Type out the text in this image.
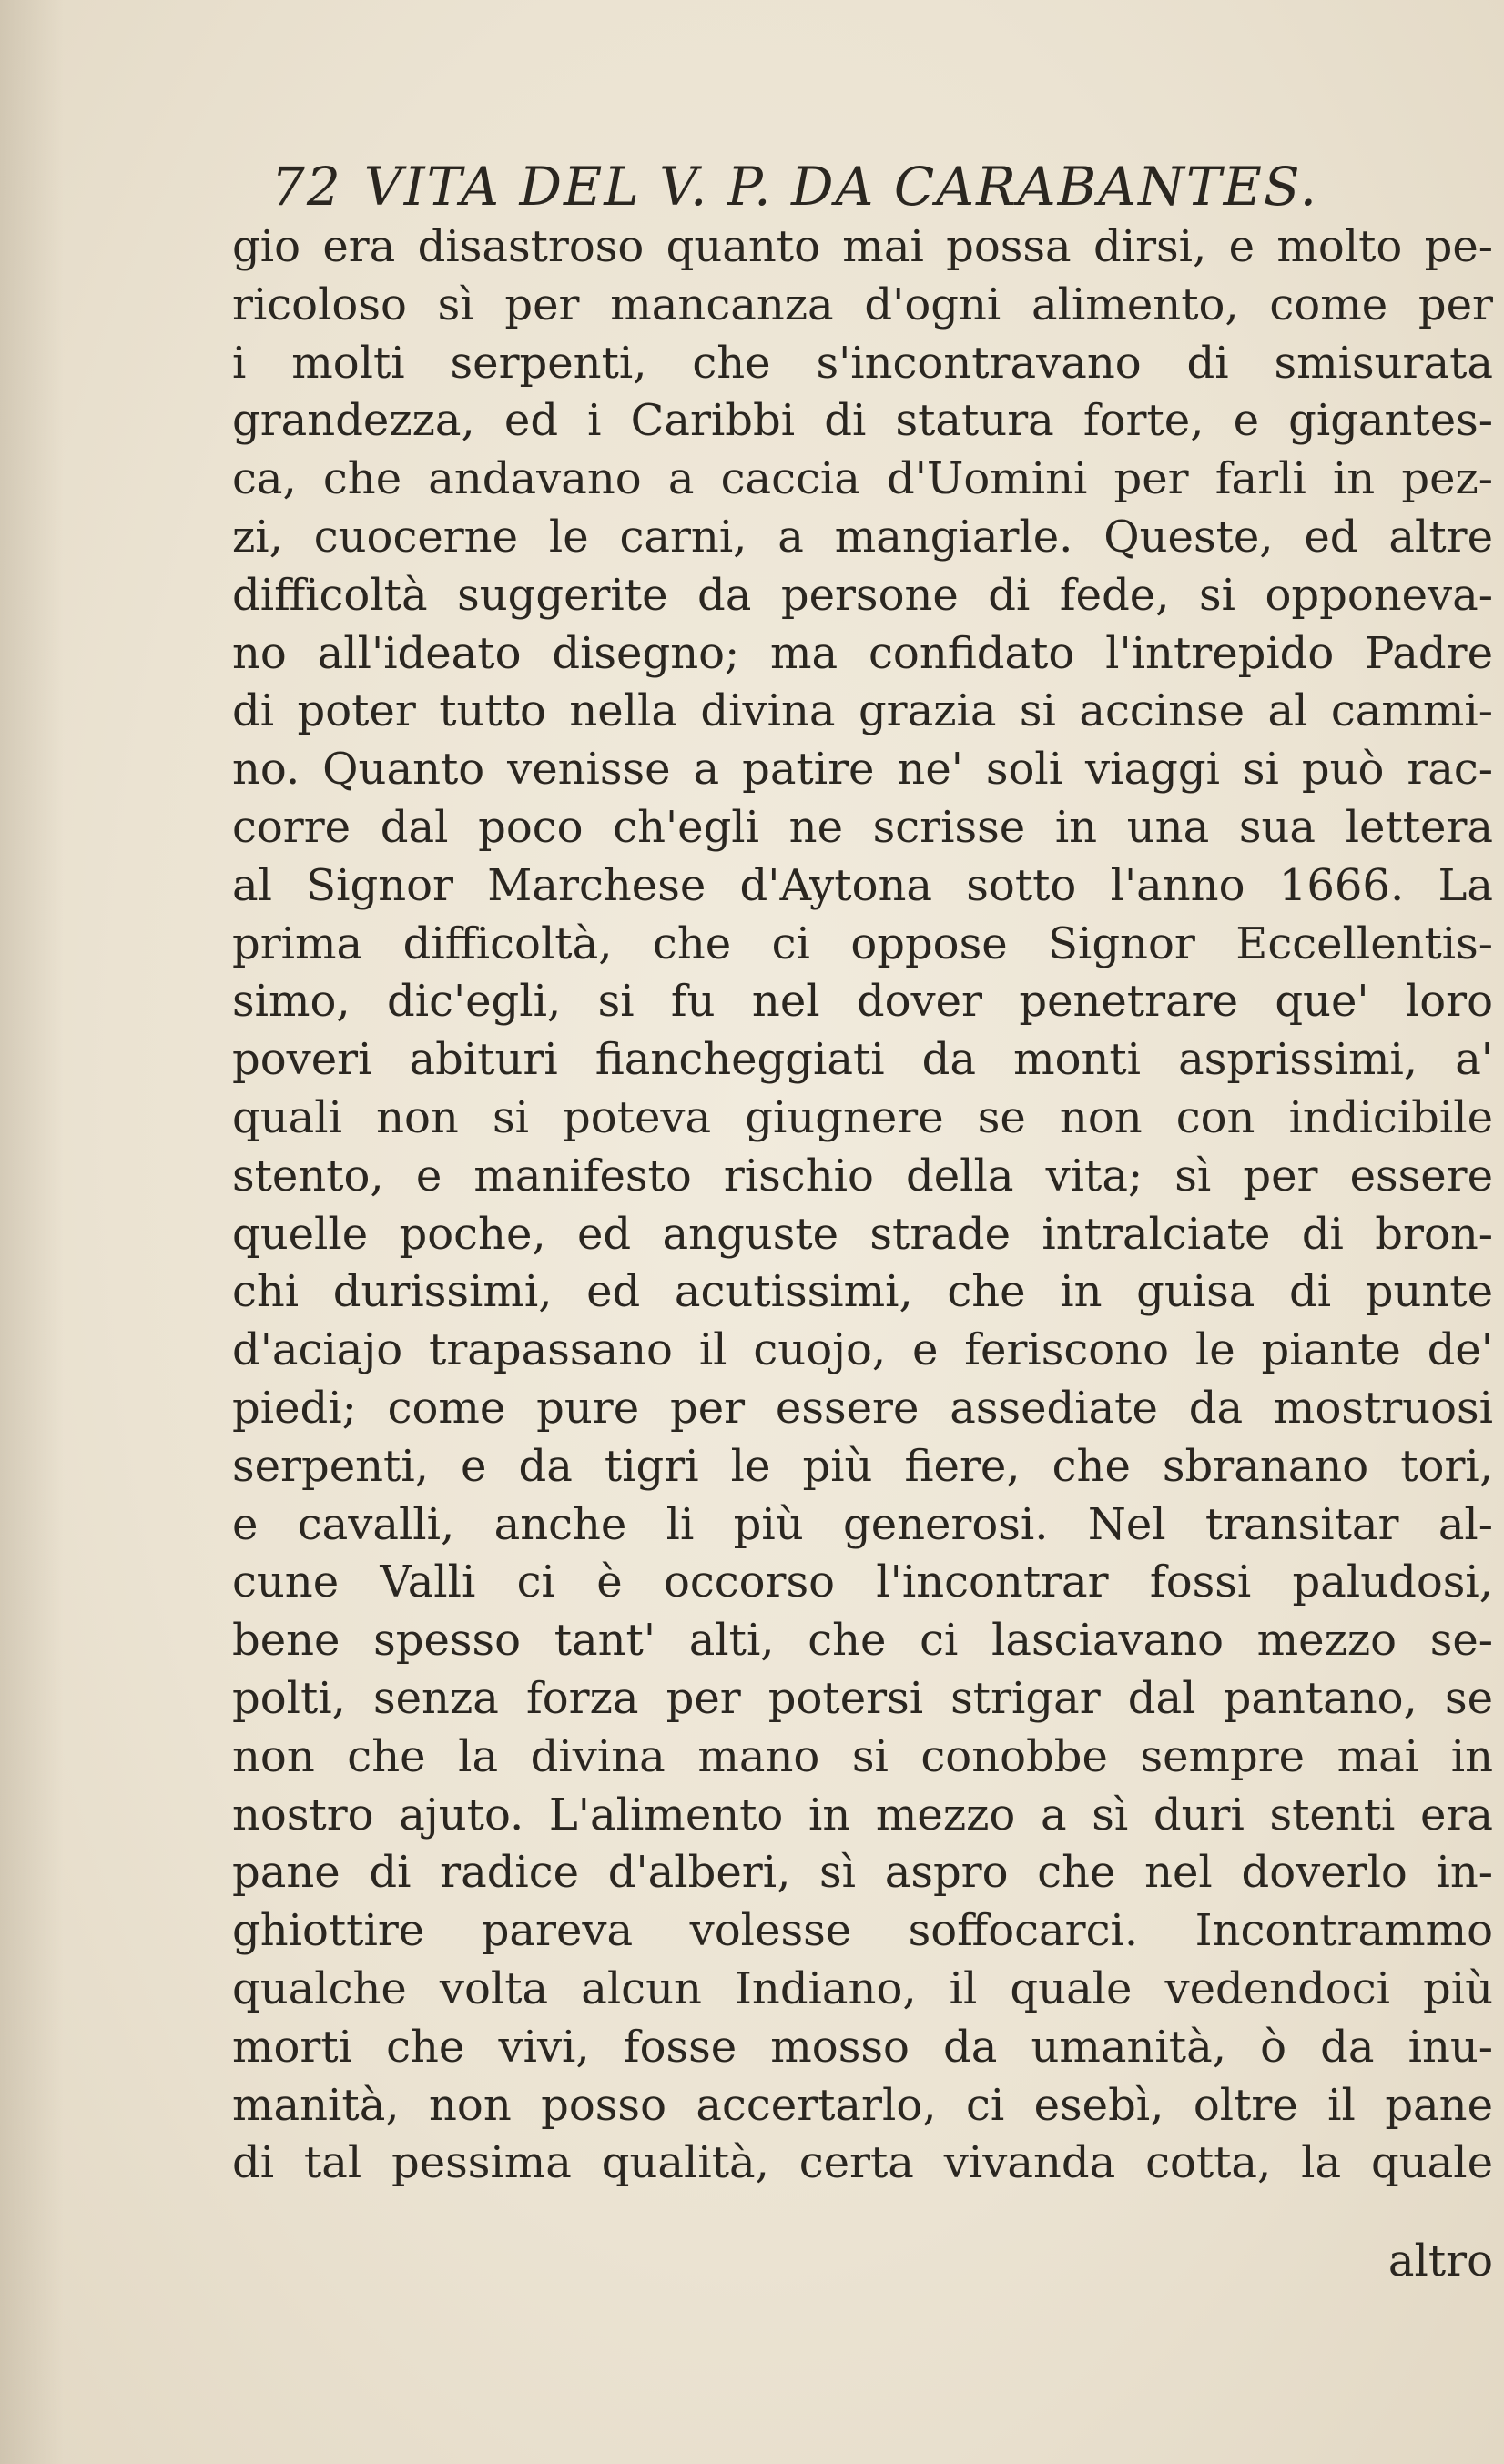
72 VITA DEL V. P. DA CARABANTES.
gio era disastroso quanto mai possa dirsi, e molto pe-
ricoloso sì per mancanza d'ogni alimento, come per
i molti serpenti, che s'incontravano di smisurata
grandezza, ed i Caribbi di statura forte, e gigantes-
ca, che andavano a caccia d'Uomini per farli in pez-
zi, cuocerne le carni, a mangiarle. Queste, ed altre
difficoltà suggerite da persone di fede, si opponeva-
no all'ideato disegno; ma confidato l'intrepido Padre
di poter tutto nella divina grazia si accinse al cammi-
no. Quanto venisse a patire ne' soli viaggi si può rac-
corre dal poco ch'egli ne scrisse in una sua lettera
al Signor Marchese d'Aytona sotto l'anno 1666. La
prima difficoltà, che ci oppose Signor Eccellentis-
simo, dic'egli, si fu nel dover penetrare que' loro
poveri abituri fiancheggiati da monti asprissimi, a'
quali non si poteva giugnere se non con indicibile
stento, e manifesto rischio della vita; sì per essere
quelle poche, ed anguste strade intralciate di bron-
chi durissimi, ed acutissimi, che in guisa di punte
d'aciajo trapassano il cuojo, e feriscono le piante de'
piedi; come pure per essere assediate da mostruosi
serpenti, e da tigri le più fiere, che sbranano tori,
e cavalli, anche li più generosi. Nel transitar al-
cune Valli ci è occorso l'incontrar fossi paludosi,
bene spesso tant' alti, che ci lasciavano mezzo se-
polti, senza forza per potersi strigar dal pantano, se
non che la divina mano si conobbe sempre mai in
nostro ajuto. L'alimento in mezzo a sì duri stenti era
pane di radice d'alberi, sì aspro che nel doverlo in-
ghiottire pareva volesse soffocarci. Incontrammo
qualche volta alcun Indiano, il quale vedendoci più
morti che vivi, fosse mosso da umanità, ò da inu-
manità, non posso accertarlo, ci esebì, oltre il pane
di tal pessima qualità, certa vivanda cotta, la quale
altro
